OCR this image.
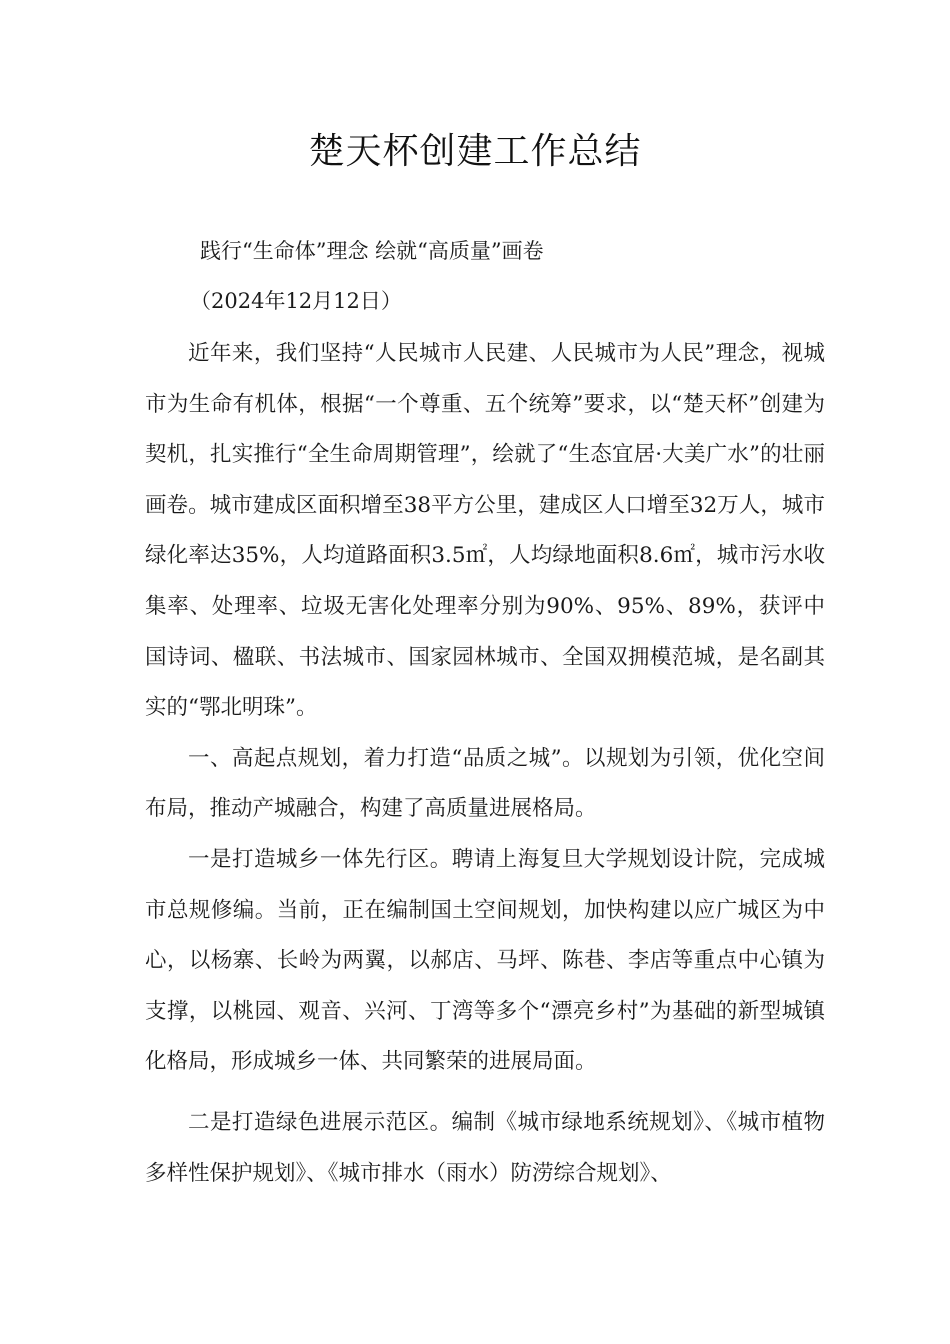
楚天杯创建工作总结
践行“生命体”理念 绘就“高质量”画卷
（2024年12月12日）

近年来，我们坚持“人民城市人民建、人民城市为人民”理念，视城市为生命有机体，根据“一个尊重、五个统筹”要求，以“楚天杯”创建为契机，扎实推行“全生命周期管理”，绘就了“生态宜居·大美广水”的壮丽画卷。城市建成区面积增至38平方公里，建成区人口增至32万人，城市绿化率达35%，人均道路面积3.5㎡，人均绿地面积8.6㎡，城市污水收集率、处理率、垃圾无害化处理率分别为90%、95%、89%，获评中国诗词、楹联、书法城市、国家园林城市、全国双拥模范城，是名副其实的“鄂北明珠”。

一、高起点规划，着力打造“品质之城”。以规划为引领，优化空间布局，推动产城融合，构建了高质量进展格局。

一是打造城乡一体先行区。聘请上海复旦大学规划设计院，完成城市总规修编。当前，正在编制国土空间规划，加快构建以应广城区为中心，以杨寨、长岭为两翼，以郝店、马坪、陈巷、李店等重点中心镇为支撑，以桃园、观音、兴河、丁湾等多个“漂亮乡村”为基础的新型城镇化格局，形成城乡一体、共同繁荣的进展局面。

二是打造绿色进展示范区。编制《城市绿地系统规划》、《城市植物多样性保护规划》、《城市排水（雨水）防涝综合规划》、
